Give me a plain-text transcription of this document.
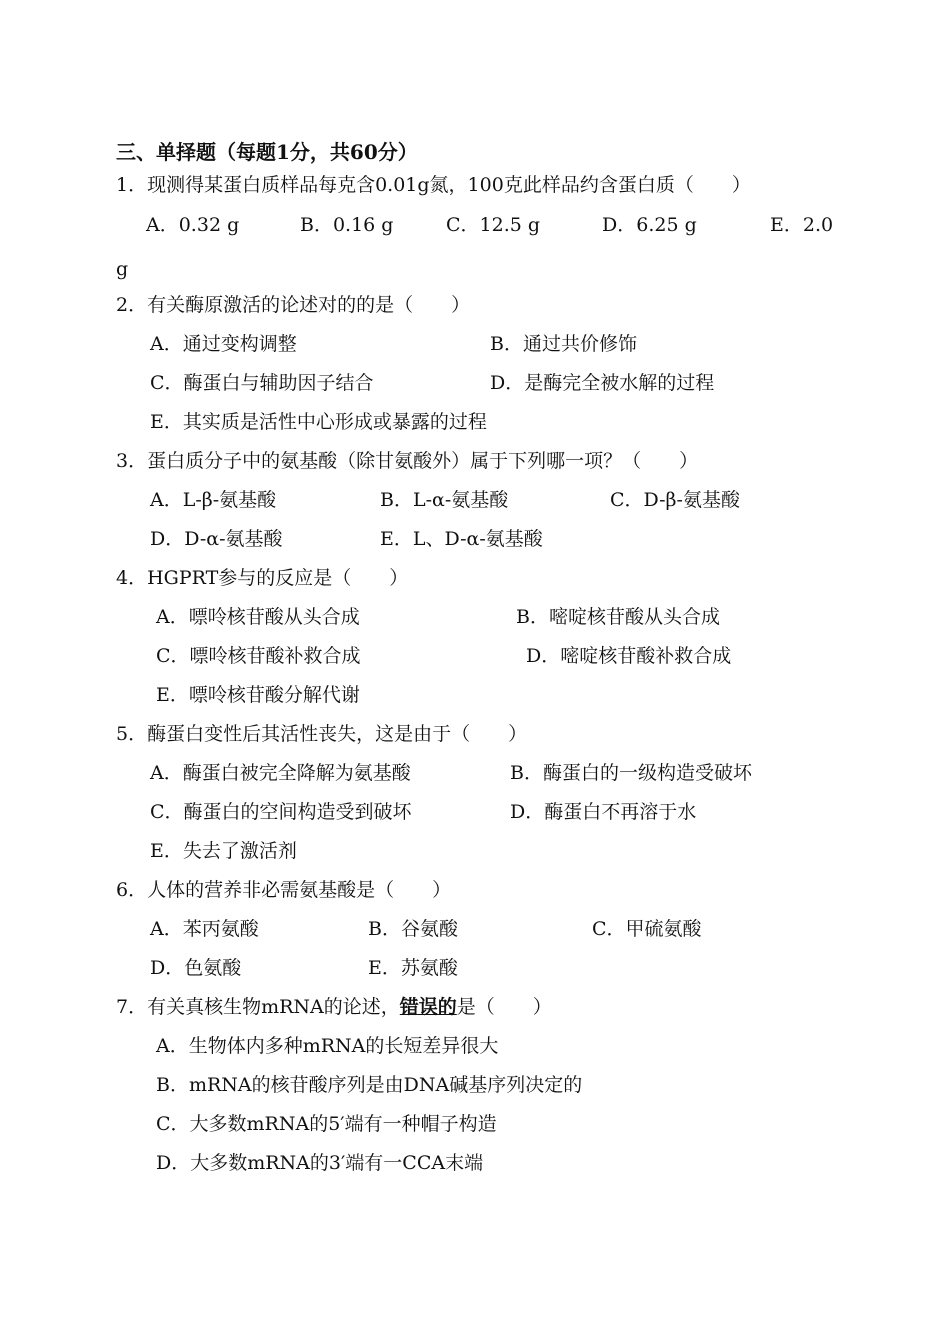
三、单择题（每题1分，共60分）
1．现测得某蛋白质样品每克含0.01g氮，100克此样品约含蛋白质（　　）
A．0.32 g	B．0.16 g	C．12.5 g	D．6.25 g	E．2.0
g
2．有关酶原激活的论述对的的是（　　）
A．通过变构调整	B．通过共价修饰
C．酶蛋白与辅助因子结合	D．是酶完全被水解的过程
E．其实质是活性中心形成或暴露的过程
3．蛋白质分子中的氨基酸（除甘氨酸外）属于下列哪一项？（　　）
A．L-β-氨基酸	B．L-α-氨基酸	C．D-β-氨基酸
D．D-α-氨基酸	E．L、D-α-氨基酸
4．HGPRT参与的反应是（　　）
A．嘌呤核苷酸从头合成	B．嘧啶核苷酸从头合成
C．嘌呤核苷酸补救合成	D．嘧啶核苷酸补救合成
E．嘌呤核苷酸分解代谢
5．酶蛋白变性后其活性丧失，这是由于（　　）
A．酶蛋白被完全降解为氨基酸	B．酶蛋白的一级构造受破坏
C．酶蛋白的空间构造受到破坏	D．酶蛋白不再溶于水
E．失去了激活剂
6．人体的营养非必需氨基酸是（　　）
A．苯丙氨酸	B．谷氨酸	C．甲硫氨酸
D．色氨酸	E．苏氨酸
7．有关真核生物mRNA的论述，错误的是（　　）
A．生物体内多种mRNA的长短差异很大
B．mRNA的核苷酸序列是由DNA碱基序列决定的
C．大多数mRNA的5′端有一种帽子构造
D．大多数mRNA的3′端有一CCA末端
